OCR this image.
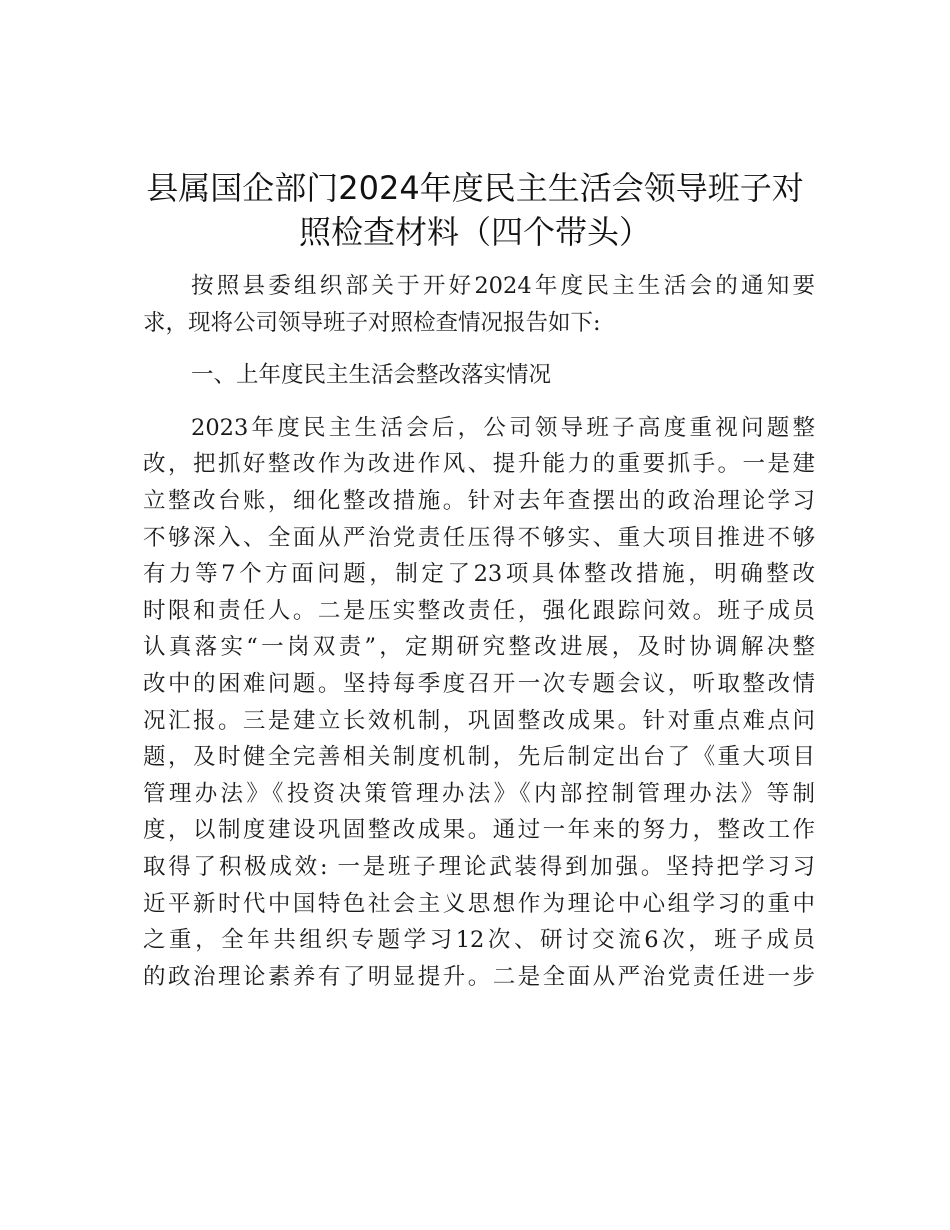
县属国企部门2024年度民主生活会领导班子对
照检查材料（四个带头）
按照县委组织部关于开好2024年度民主生活会的通知要
求，现将公司领导班子对照检查情况报告如下:
一、上年度民主生活会整改落实情况
2023年度民主生活会后，公司领导班子高度重视问题整
改，把抓好整改作为改进作风、提升能力的重要抓手。一是建
立整改台账，细化整改措施。针对去年查摆出的政治理论学习
不够深入、全面从严治党责任压得不够实、重大项目推进不够
有力等7个方面问题，制定了23项具体整改措施，明确整改
时限和责任人。二是压实整改责任，强化跟踪问效。班子成员
认真落实“一岗双责”，定期研究整改进展，及时协调解决整
改中的困难问题。坚持每季度召开一次专题会议，听取整改情
况汇报。三是建立长效机制，巩固整改成果。针对重点难点问
题，及时健全完善相关制度机制，先后制定出台了《重大项目
管理办法》《投资决策管理办法》《内部控制管理办法》等制
度，以制度建设巩固整改成果。通过一年来的努力，整改工作
取得了积极成效: 一是班子理论武装得到加强。坚持把学习习
近平新时代中国特色社会主义思想作为理论中心组学习的重中
之重，全年共组织专题学习12次、研讨交流6次，班子成员
的政治理论素养有了明显提升。二是全面从严治党责任进一步
